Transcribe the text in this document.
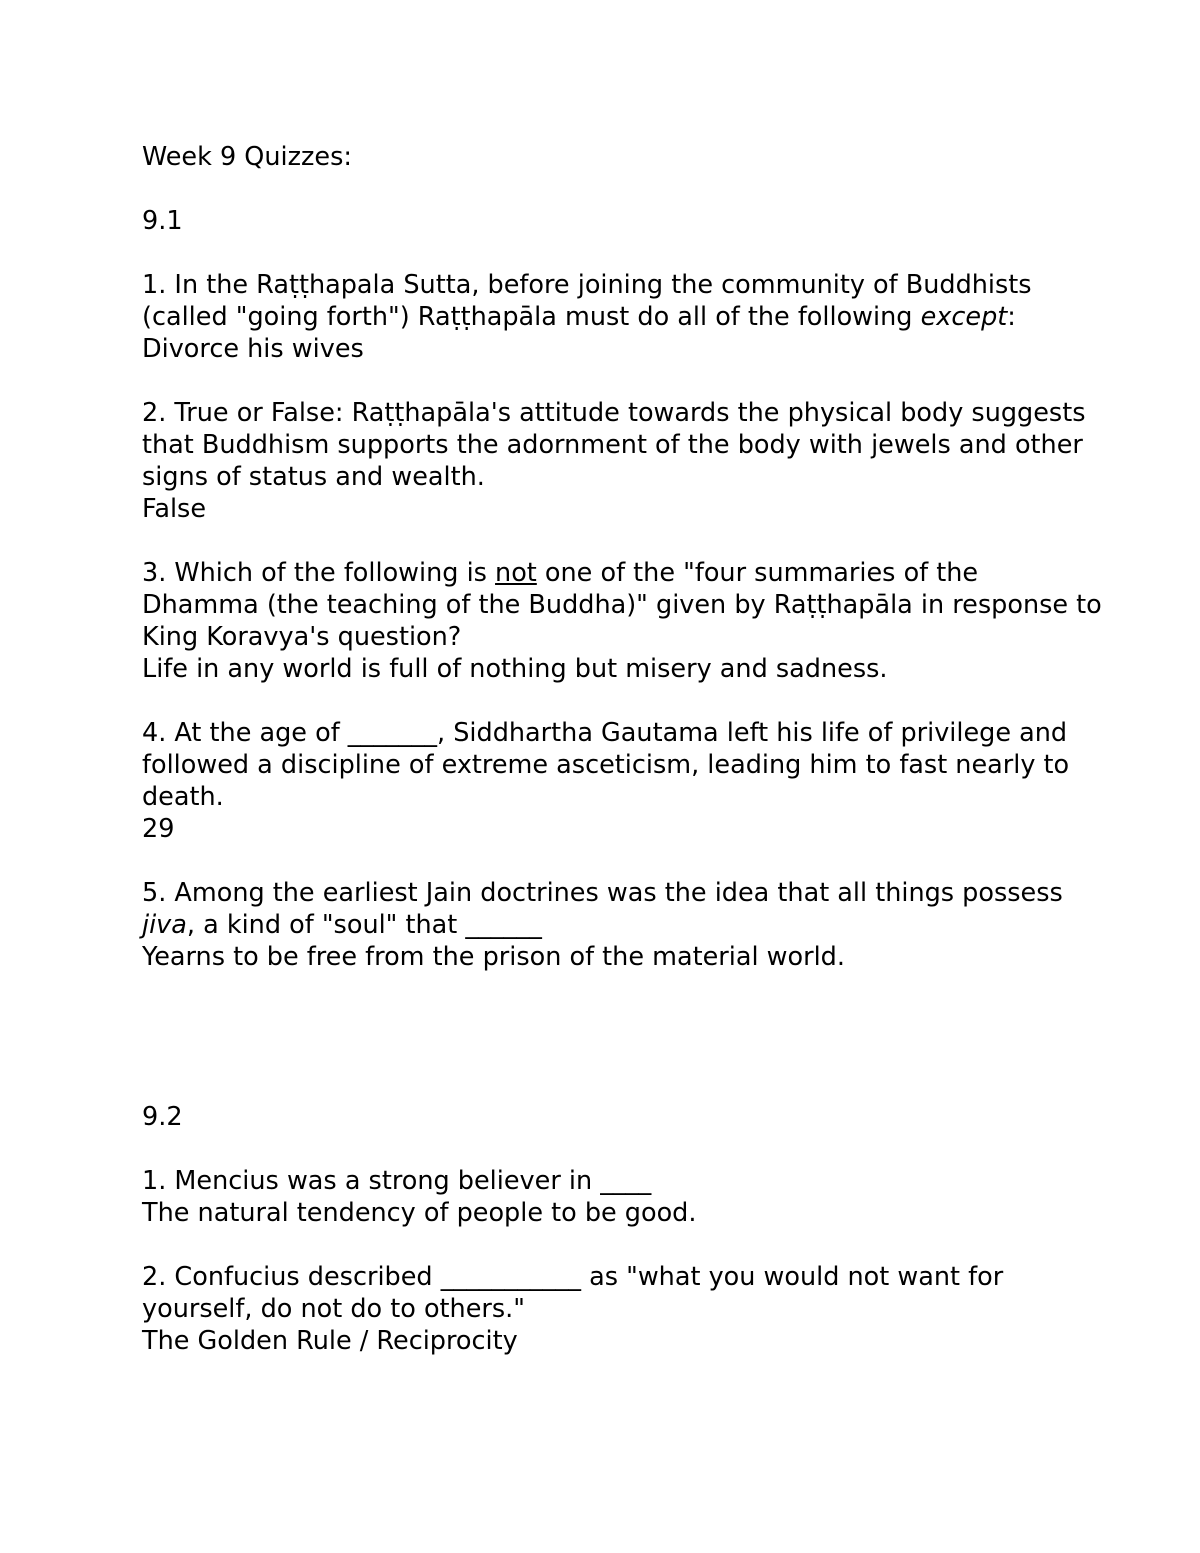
Week 9 Quizzes:
9.1
1. In the Raṭṭhapala Sutta, before joining the community of Buddhists (called "going forth") Raṭṭhapāla must do all of the following except:
Divorce his wives
2. True or False: Raṭṭhapāla's attitude towards the physical body suggests that Buddhism supports the adornment of the body with jewels and other signs of status and wealth.
False
3. Which of the following is not one of the "four summaries of the Dhamma (the teaching of the Buddha)" given by Raṭṭhapāla in response to King Koravya's question?
Life in any world is full of nothing but misery and sadness.
4. At the age of _______, Siddhartha Gautama left his life of privilege and followed a discipline of extreme asceticism, leading him to fast nearly to death.
29
5. Among the earliest Jain doctrines was the idea that all things possess jiva, a kind of "soul" that ______
Yearns to be free from the prison of the material world.
9.2
1. Mencius was a strong believer in ____
The natural tendency of people to be good.
2. Confucius described ___________ as "what you would not want for yourself, do not do to others."
The Golden Rule / Reciprocity
